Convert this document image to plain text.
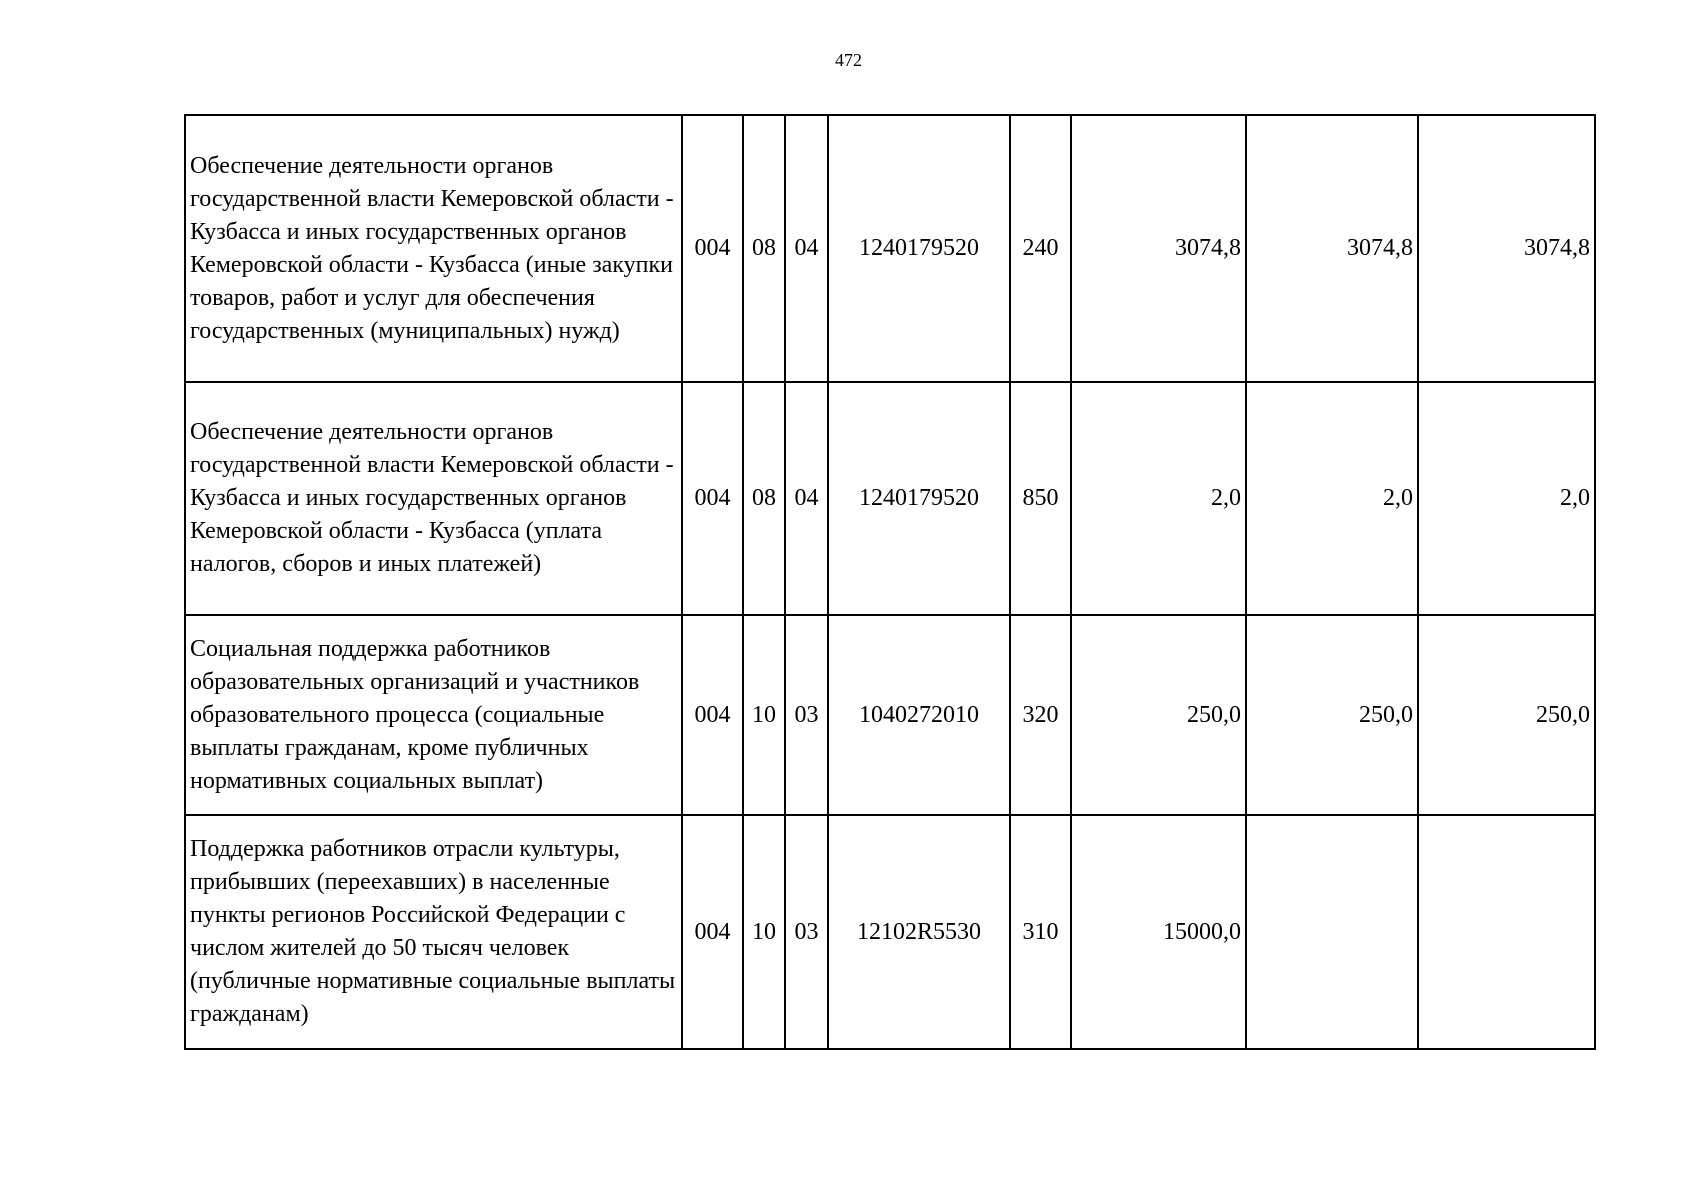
472
Обеспечение деятельности органов государственной власти Кемеровской области - Кузбасса и иных государственных органов Кемеровской области - Кузбасса (иные закупки товаров, работ и услуг для обеспечения государственных (муниципальных) нужд)	004	08	04	1240179520	240	3074,8	3074,8	3074,8
Обеспечение деятельности органов государственной власти Кемеровской области - Кузбасса и иных государственных органов Кемеровской области - Кузбасса (уплата налогов, сборов и иных платежей)	004	08	04	1240179520	850	2,0	2,0	2,0
Социальная поддержка работников образовательных организаций и участников образовательного процесса (социальные выплаты гражданам, кроме публичных нормативных социальных выплат)	004	10	03	1040272010	320	250,0	250,0	250,0
Поддержка работников отрасли культуры, прибывших (переехавших) в населенные пункты регионов Российской Федерации с числом жителей до 50 тысяч человек (публичные нормативные социальные выплаты гражданам)	004	10	03	12102R5530	310	15000,0		
